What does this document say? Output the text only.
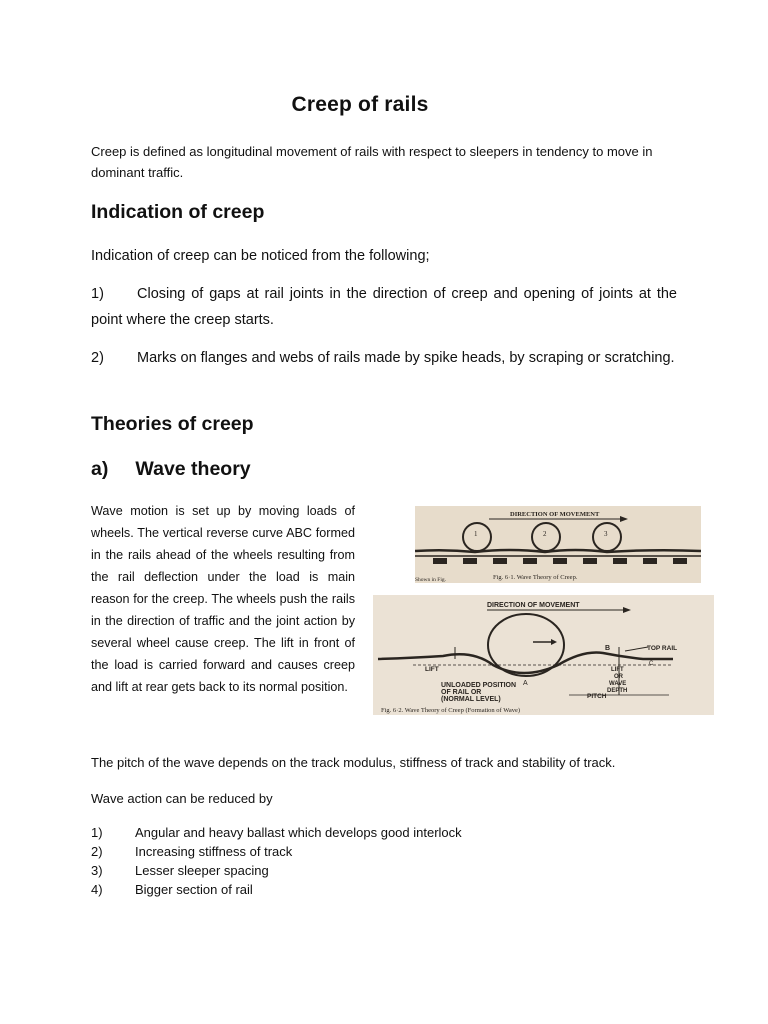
Creep of rails
Creep is defined as longitudinal movement of rails with respect to sleepers in tendency to move in dominant traffic.
Indication of creep
Indication of creep can be noticed from the following;
1) Closing of gaps at rail joints in the direction of creep and opening of joints at the point where the creep starts.
2) Marks on flanges and webs of rails made by spike heads, by scraping or scratching.
Theories of creep
a)     Wave theory
Wave motion is set up by moving loads of wheels. The vertical reverse curve ABC formed in the rails ahead of the wheels resulting from the rail deflection under the load is main reason for the creep. The wheels push the rails in the direction of traffic and the joint action by several wheel cause creep. The lift in front of the load is carried forward and causes creep and lift at rear gets back to its normal position.
DIRECTION OF MOVEMENT
1	2	3
Shown in Fig.	Fig. 6·1. Wave Theory of Creep.
DIRECTION OF MOVEMENT
LIFT
A
B
C
TOP RAIL
LIFT
OR
WAVE
DEPTH
UNLOADED POSITION
OF RAIL OR
(NORMAL LEVEL)	PITCH
Fig. 6·2. Wave Theory of Creep (Formation of Wave)
The pitch of the wave depends on the track modulus, stiffness of track and stability of track.
Wave action can be reduced by
1)	Angular and heavy ballast which develops good interlock
2)	Increasing stiffness of track
3)	Lesser sleeper spacing
4)	Bigger section of rail
